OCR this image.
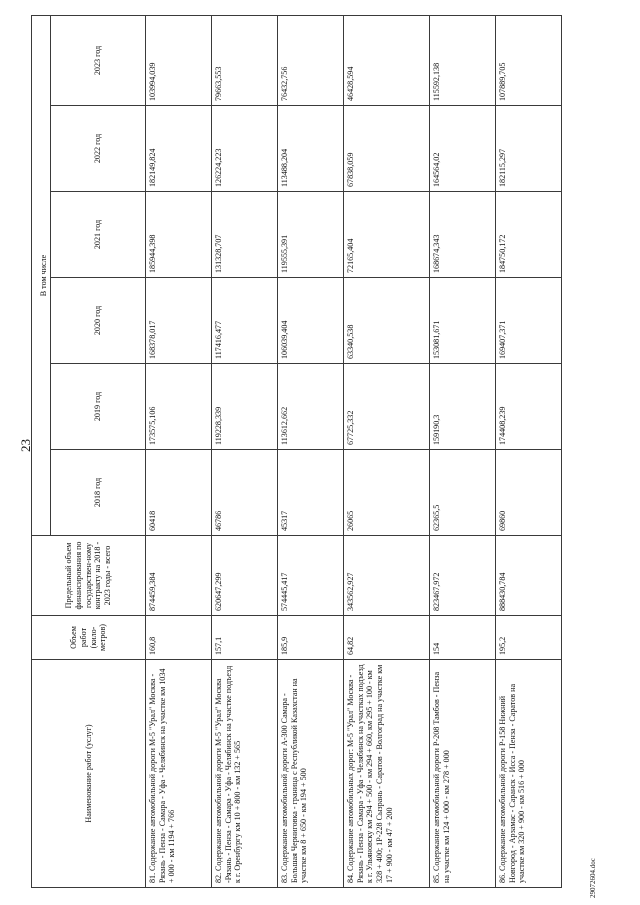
23
Наименование работ (услуг)	Объем работ (кило-метров)	Предельный объем финансирования по государствен-ному контракту на 2018 - 2023 годы - всего	В том числе					
			2018 год	2019 год	2020 год	2021 год	2022 год	2023 год
81.Содержание автомобильной дороги М-5 "Урал" Москва - Рязань - Пенза - Самара - Уфа - Челябинск на участке км 1034 + 000 - км 1194 + 766	160,8	874459,384	60418	173575,106	168378,017	185944,398	182149,824	103994,039
82.Содержание автомобильной дороги М-5 "Урал" Москва -Рязань - Пенза - Самара - Уфа - Челябинск на участке подъезд к г. Оренбургу км 10 + 800 - км 132 + 565	157,1	620647,299	46786	119228,339	117416,477	131328,707	126224,223	79663,553
83.Содержание автомобильной дороги А-300 Самара - Большая Черниговка - граница с Республикой Казахстан на участке км 8 + 650 - км 194 + 500	185,9	574445,417	45317	113612,662	106039,404	119555,391	113488,204	76432,756
84.Содержание автомобильных дорог: М-5 "Урал" Москва - Рязань - Пенза - Самара - Уфа - Челябинск на участках подъезд к г. Ульяновску км 294 + 500 - км 294 + 660, км 295 + 100 - км 328 + 400; 1Р-228 Сызрань - Саратов - Волгоград на участке км 17 + 900 - км 47 + 200	64,82	343562,927	26065	67725,332	63340,538	72165,404	67838,059	46428,594
85.Содержание автомобильной дороги Р-208 Тамбов - Пенза на участке км 124 + 000 - км 278 + 000	154	823467,972	62365,5	159190,3	153081,671	168674,343	164564,02	115592,138
86.Содержание автомобильной дороги Р-158 Нижний Новгород - Арзамас - Саранск - Исса - Пенза - Саратов на участке км 320 + 900 - км 516 + 000	195,2	888430,784	69860	174408,239	169407,371	184750,172	182115,297	107889,705
29072604.doc
